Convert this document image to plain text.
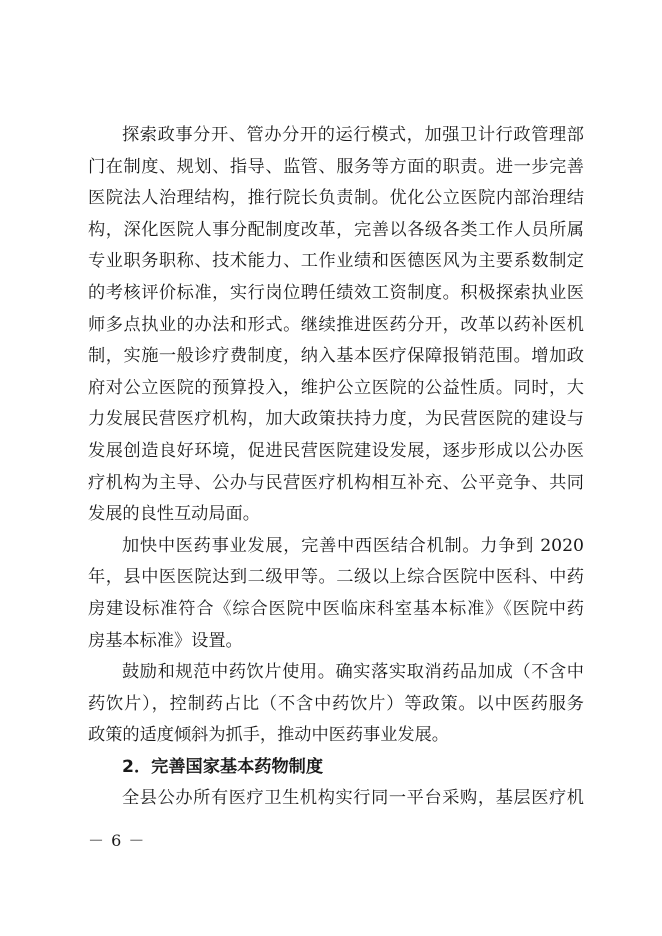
探索政事分开、管办分开的运行模式，加强卫计行政管理部
门在制度、规划、指导、监管、服务等方面的职责。进一步完善
医院法人治理结构，推行院长负责制。优化公立医院内部治理结
构，深化医院人事分配制度改革，完善以各级各类工作人员所属
专业职务职称、技术能力、工作业绩和医德医风为主要系数制定
的考核评价标准，实行岗位聘任绩效工资制度。积极探索执业医
师多点执业的办法和形式。继续推进医药分开，改革以药补医机
制，实施一般诊疗费制度，纳入基本医疗保障报销范围。增加政
府对公立医院的预算投入，维护公立医院的公益性质。同时，大
力发展民营医疗机构，加大政策扶持力度，为民营医院的建设与
发展创造良好环境，促进民营医院建设发展，逐步形成以公办医
疗机构为主导、公办与民营医疗机构相互补充、公平竞争、共同
发展的良性互动局面。
加快中医药事业发展，完善中西医结合机制。力争到 2020
年，县中医医院达到二级甲等。二级以上综合医院中医科、中药
房建设标准符合《综合医院中医临床科室基本标准》《医院中药
房基本标准》设置。
鼓励和规范中药饮片使用。确实落实取消药品加成（不含中
药饮片），控制药占比（不含中药饮片）等政策。以中医药服务
政策的适度倾斜为抓手，推动中医药事业发展。
2．完善国家基本药物制度
全县公办所有医疗卫生机构实行同一平台采购，基层医疗机
－ 6 －
